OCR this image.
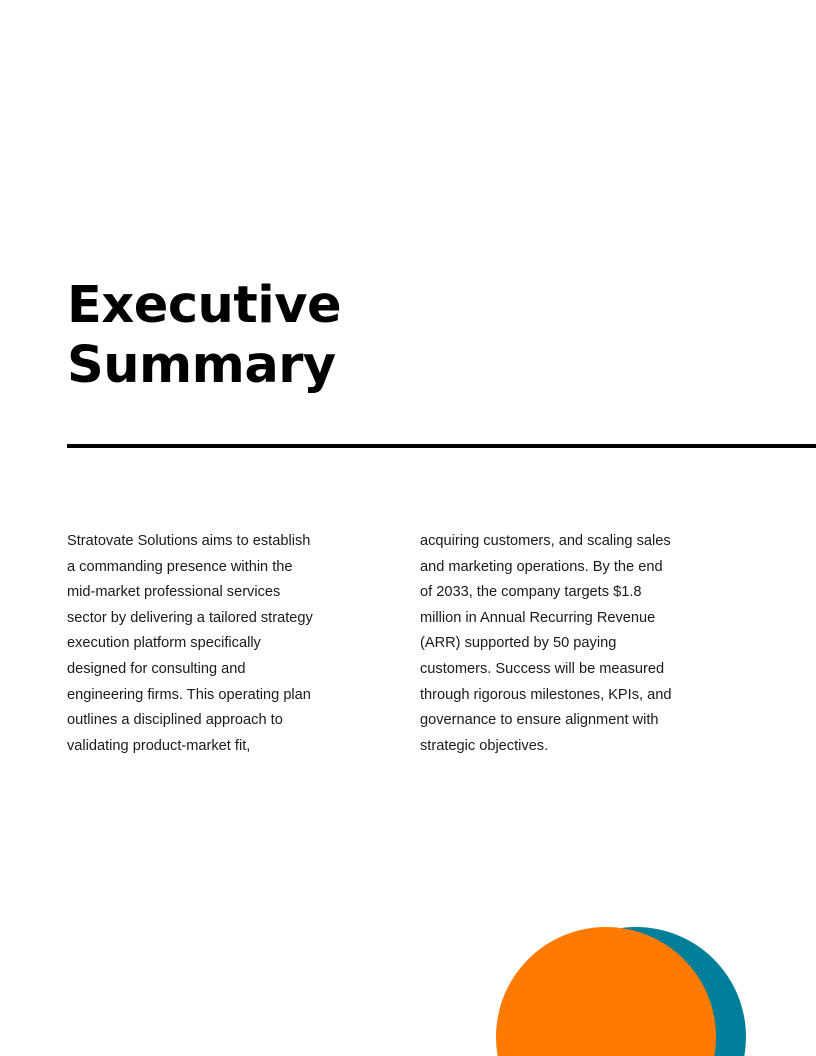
Executive
Summary
Stratovate Solutions aims to establish
a commanding presence within the
mid-market professional services
sector by delivering a tailored strategy
execution platform specifically
designed for consulting and
engineering firms. This operating plan
outlines a disciplined approach to
validating product-market fit,
acquiring customers, and scaling sales
and marketing operations. By the end
of 2033, the company targets $1.8
million in Annual Recurring Revenue
(ARR) supported by 50 paying
customers. Success will be measured
through rigorous milestones, KPIs, and
governance to ensure alignment with
strategic objectives.
